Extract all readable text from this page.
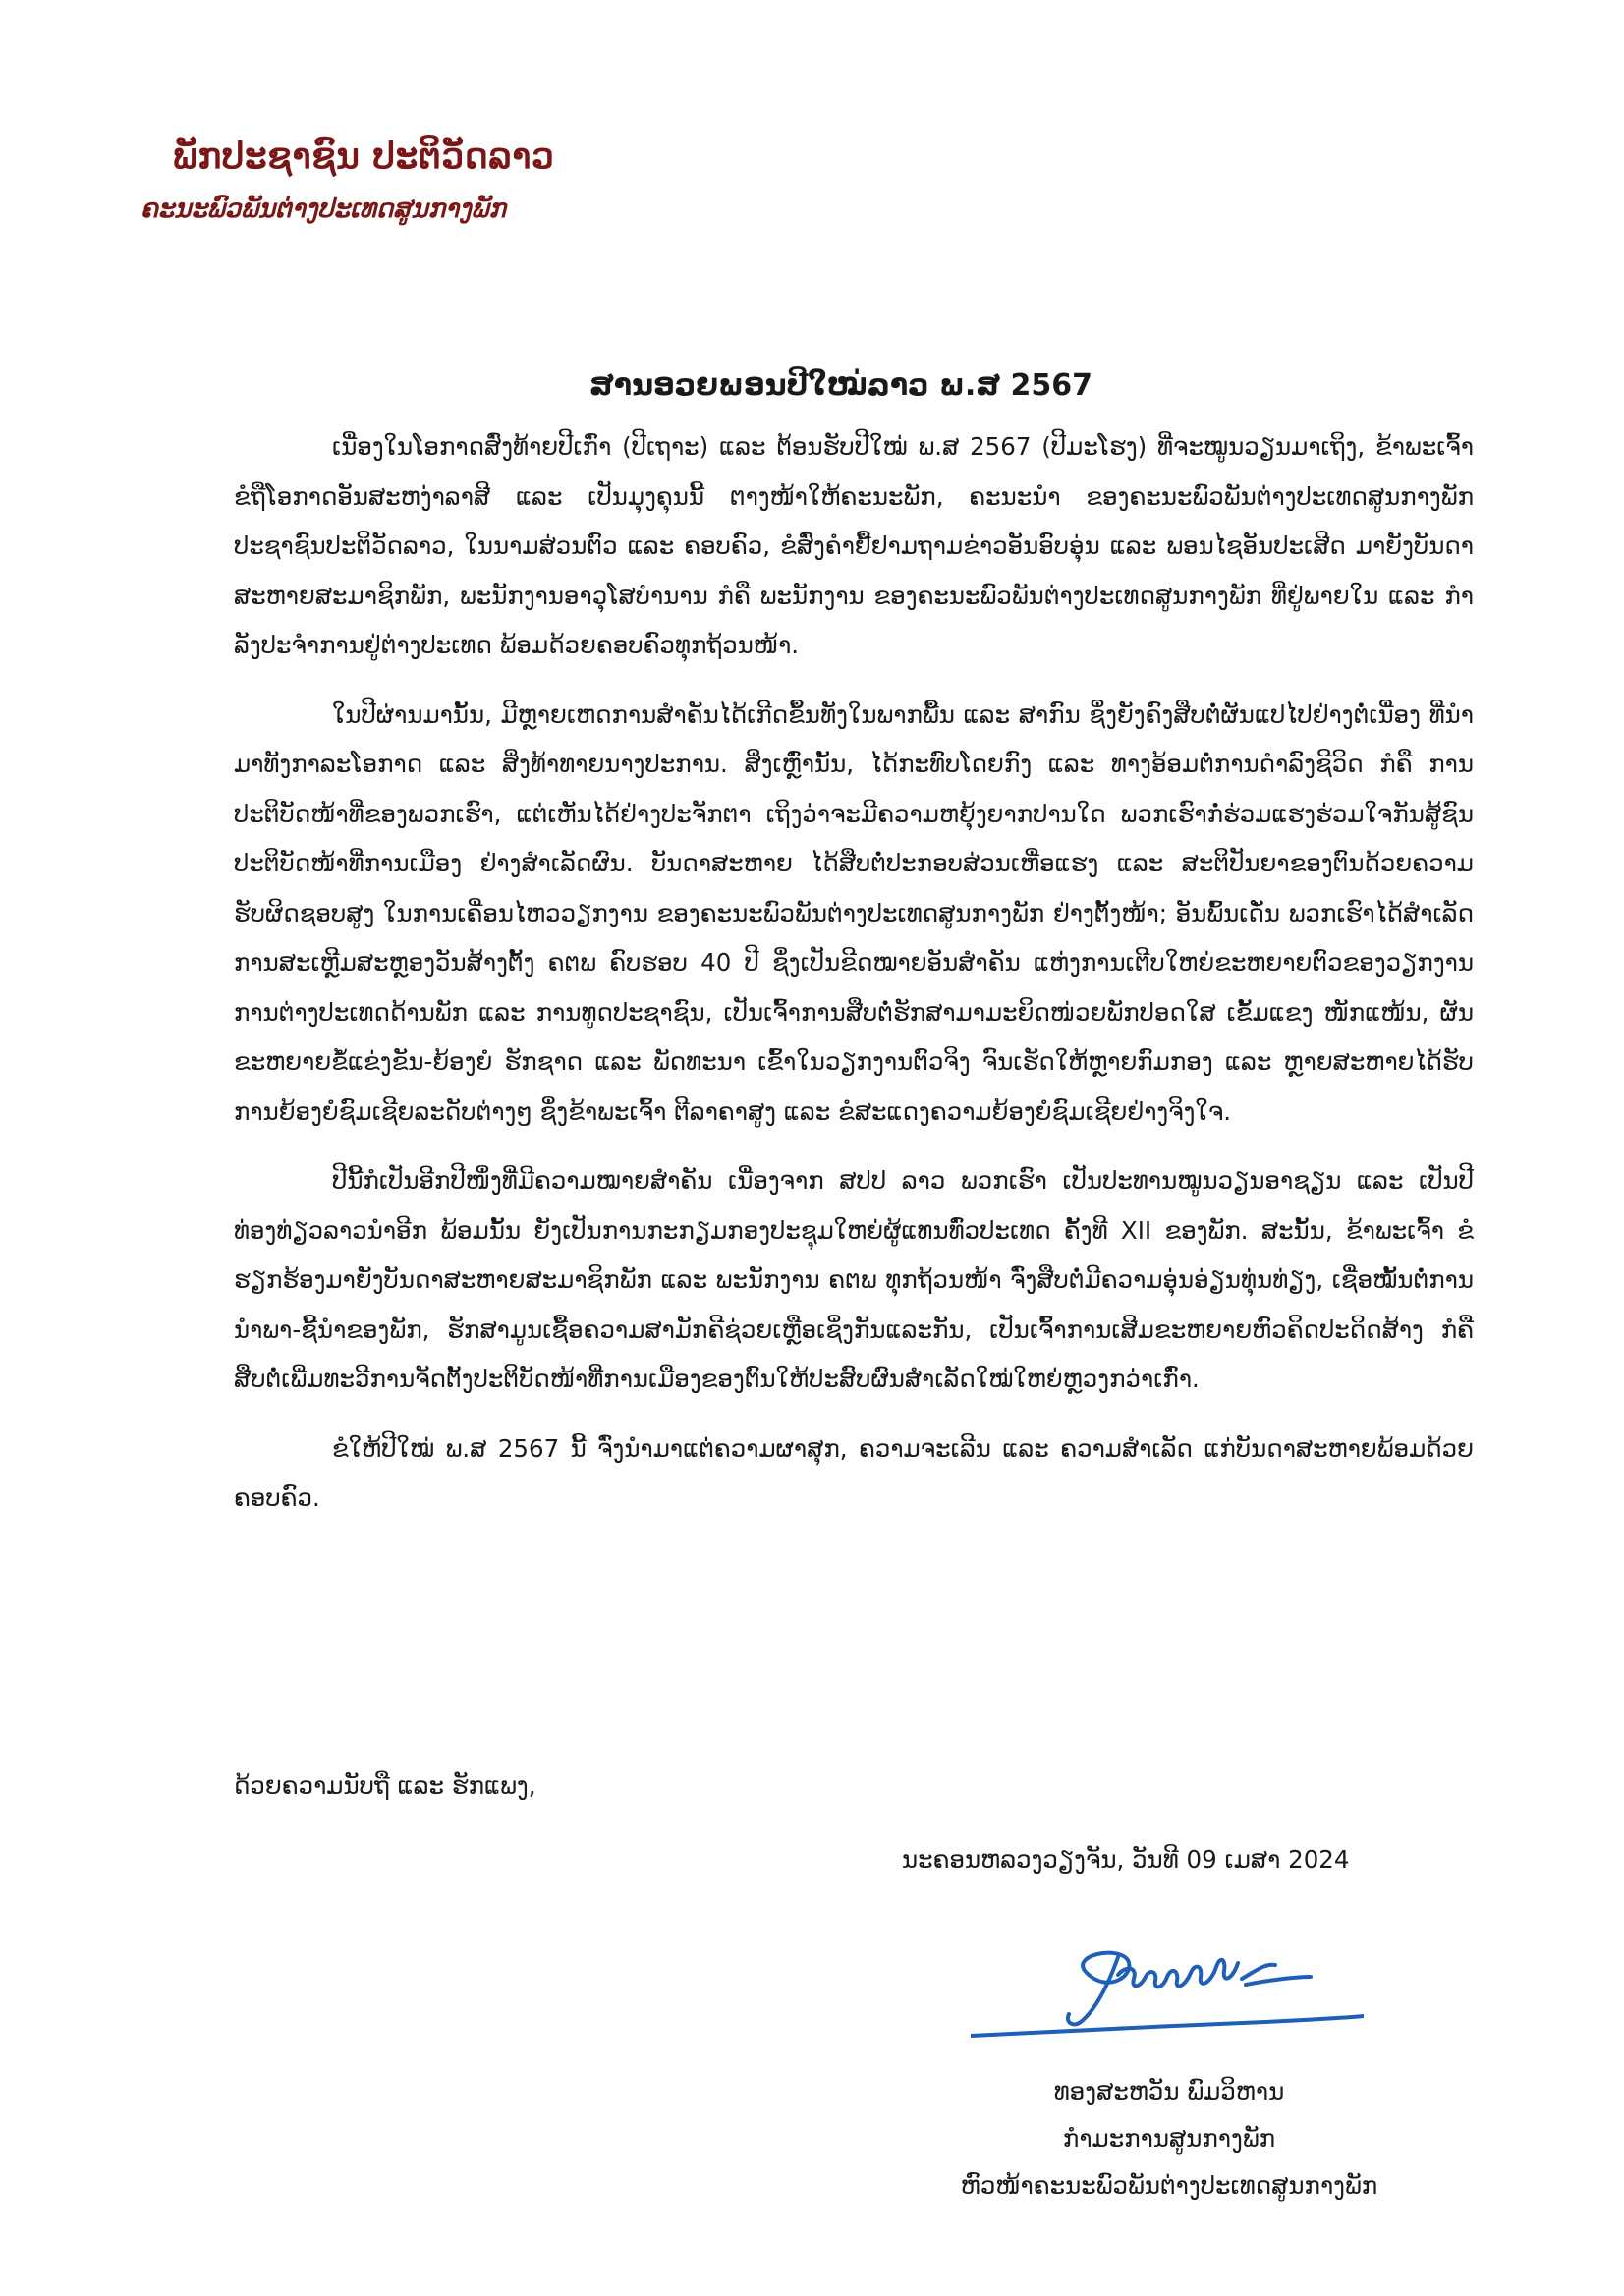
ພັກປະຊາຊົນ ປະຕິວັດລາວ
ຄະນະພົວພັນຕ່າງປະເທດສູນກາງພັກ
ສານອວຍພອນປີໃໝ່ລາວ ພ.ສ 2567

ເນື່ອງໃນໂອກາດສົ່ງທ້າຍປີເກົ່າ (ປີເຖາະ) ແລະ ຕ້ອນຮັບປີໃໝ່ ພ.ສ 2567 (ປີມະໂຮງ) ທີ່ຈະໝູນວຽນມາເຖິງ, ຂ້າພະເຈົ້າ ຂໍຖືໂອກາດອັນສະຫງ່າລາສີ ແລະ ເປັນມຸງຄຸນນີ້ ຕາງໜ້າໃຫ້ຄະນະພັກ, ຄະນະນໍາ ຂອງຄະນະພົວພັນຕ່າງປະເທດສູນກາງພັກປະຊາຊົນປະຕິວັດລາວ, ໃນນາມສ່ວນຕົວ ແລະ ຄອບຄົວ, ຂໍສົ່ງຄໍາຢື້ຢາມຖາມຂ່າວອັນອົບອຸ່ນ ແລະ ພອນໄຊອັນປະເສີດ ມາຍັງບັນດາສະຫາຍສະມາຊິກພັກ, ພະນັກງານອາວຸໂສບໍານານ ກໍຄື ພະນັກງານ ຂອງຄະນະພົວພັນຕ່າງປະເທດສູນກາງພັກ ທີ່ຢູ່ພາຍໃນ ແລະ ກໍາລັງປະຈໍາການຢູ່ຕ່າງປະເທດ ພ້ອມດ້ວຍຄອບຄົວທຸກຖ້ວນໜ້າ.

ໃນປີຜ່ານມານັ້ນ, ມີຫຼາຍເຫດການສໍາຄັນໄດ້ເກີດຂຶ້ນທັງໃນພາກພື້ນ ແລະ ສາກົນ ຊຶ່ງຍັງຄົງສືບຕໍ່ຜັນແປໄປຢ່າງຕໍ່ເນື່ອງ ທີ່ນໍາມາທັງກາລະໂອກາດ ແລະ ສິ່ງທ້າທາຍນາງປະການ. ສິ່ງເຫຼົ່ານັ້ນ, ໄດ້ກະທົບໂດຍກົງ ແລະ ທາງອ້ອມຕໍ່ການດໍາລົງຊີວິດ ກໍຄື ການປະຕິບັດໜ້າທີ່ຂອງພວກເຮົາ, ແຕ່ເຫັນໄດ້ຢ່າງປະຈັກຕາ ເຖິງວ່າຈະມີຄວາມຫຍຸ້ງຍາກປານໃດ ພວກເຮົາກໍ່ຮ່ວມແຮງຮ່ວມໃຈກັນສູ້ຊົນປະຕິບັດໜ້າທີ່ການເມືອງ ຢ່າງສໍາເລັດຜົນ. ບັນດາສະຫາຍ ໄດ້ສືບຕໍ່ປະກອບສ່ວນເຫື່ອແຮງ ແລະ ສະຕິປັນຍາຂອງຕົນດ້ວຍຄວາມຮັບຜິດຊອບສູງ ໃນການເຄື່ອນໄຫວວຽກງານ ຂອງຄະນະພົວພັນຕ່າງປະເທດສູນກາງພັກ ຢ່າງຕັ້ງໜ້າ; ອັນພົ້ນເດັ່ນ ພວກເຮົາໄດ້ສໍາເລັດການສະເຫຼີມສະຫຼອງວັນສ້າງຕັ້ງ ຄຕພ ຄົບຮອບ 40 ປີ ຊຶ່ງເປັນຂີດໝາຍອັນສໍາຄັນ ແຫ່ງການເຕີບໃຫຍ່ຂະຫຍາຍຕົວຂອງວຽກງານການຕ່າງປະເທດດ້ານພັກ ແລະ ການທູດປະຊາຊົນ, ເປັນເຈົ້າການສືບຕໍ່ຮັກສາມາມະຍິດໜ່ວຍພັກປອດໃສ ເຂັ້ມແຂງ ໜັກແໜ້ນ, ຜັນຂະຫຍາຍຂໍ້ແຂ່ງຂັນ-ຍ້ອງຍໍ ຮັກຊາດ ແລະ ພັດທະນາ ເຂົ້າໃນວຽກງານຕົວຈິງ ຈົນເຮັດໃຫ້ຫຼາຍກົມກອງ ແລະ ຫຼາຍສະຫາຍໄດ້ຮັບການຍ້ອງຍໍຊົມເຊີຍລະດັບຕ່າງໆ ຊຶ່ງຂ້າພະເຈົ້າ ຕີລາຄາສູງ ແລະ ຂໍສະແດງຄວາມຍ້ອງຍໍຊົມເຊີຍຢ່າງຈິງໃຈ.

ປີນີ້ກໍເປັນອີກປີໜຶ່ງທີ່ມີຄວາມໝາຍສໍາຄັນ ເນື່ອງຈາກ ສປປ ລາວ ພວກເຮົາ ເປັນປະທານໝູນວຽນອາຊຽນ ແລະ ເປັນປີທ່ອງທ່ຽວລາວນໍາອີກ ພ້ອມນັ້ນ ຍັງເປັນການກະກຽມກອງປະຊຸມໃຫຍ່ຜູ້ແທນທົ່ວປະເທດ ຄັ້ງທີ XII ຂອງພັກ. ສະນັ້ນ, ຂ້າພະເຈົ້າ ຂໍຮຽກຮ້ອງມາຍັງບັນດາສະຫາຍສະມາຊິກພັກ ແລະ ພະນັກງານ ຄຕພ ທຸກຖ້ວນໜ້າ ຈົ່ງສືບຕໍ່ມີຄວາມອຸ່ນອ່ຽນທຸ່ນທ່ຽງ, ເຊື່ອໝັ້ນຕໍ່ການນໍາພາ-ຊີ້ນໍາຂອງພັກ, ຮັກສາມູນເຊື້ອຄວາມສາມັກຄີຊ່ວຍເຫຼືອເຊິ່ງກັນແລະກັນ, ເປັນເຈົ້າການເສີມຂະຫຍາຍຫົວຄິດປະດິດສ້າງ ກໍຄື ສືບຕໍ່ເພີ່ມທະວີການຈັດຕັ້ງປະຕິບັດໜ້າທີ່ການເມືອງຂອງຕົນໃຫ້ປະສົບຜົນສໍາເລັດໃໝ່ໃຫຍ່ຫຼວງກວ່າເກົ່າ.

ຂໍໃຫ້ປີໃໝ່ ພ.ສ 2567 ນີ້ ຈົ່ງນໍາມາແຕ່ຄວາມຜາສຸກ, ຄວາມຈະເລີນ ແລະ ຄວາມສໍາເລັດ ແກ່ບັນດາສະຫາຍພ້ອມດ້ວຍຄອບຄົວ.

ດ້ວຍຄວາມນັບຖື ແລະ ຮັກແພງ,
ນະຄອນຫລວງວຽງຈັນ, ວັນທີ 09 ເມສາ 2024
ທອງສະຫວັນ ພົມວິຫານ
ກໍາມະການສູນກາງພັກ
ຫົວໜ້າຄະນະພົວພັນຕ່າງປະເທດສູນກາງພັກ
